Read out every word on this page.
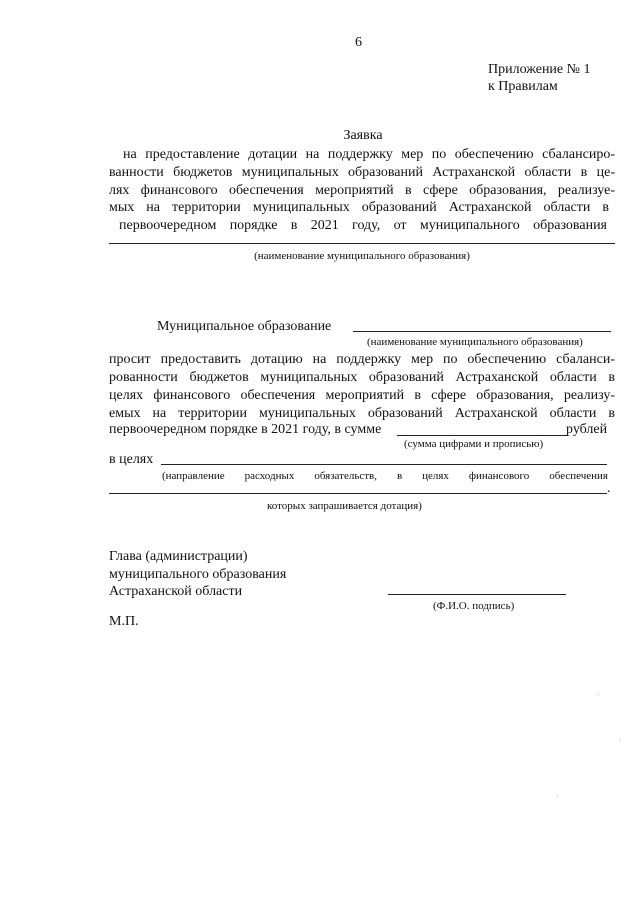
6
Приложение № 1
к Правилам
Заявка
на предоставление дотации на поддержку мер по обеспечению сбалансиро-
ванности бюджетов муниципальных образований Астраханской области в це-
лях финансового обеспечения мероприятий в сфере образования, реализуе-
мых на территории муниципальных образований Астраханской области в
первоочередном порядке в 2021 году, от муниципального образования
(наименование муниципального образования)
Муниципальное образование
(наименование муниципального образования)
просит предоставить дотацию на поддержку мер по обеспечению сбаланси-
рованности бюджетов муниципальных образований Астраханской области в
целях финансового обеспечения мероприятий в сфере образования, реализу-
емых на территории муниципальных образований Астраханской области в
первоочередном порядке в 2021 году, в сумме	рублей
(сумма цифрами и прописью)
в целях
(направление расходных обязательств, в целях финансового обеспечения
.
которых запрашивается дотация)
Глава (администрации)
муниципального образования
Астраханской области
(Ф.И.О. подпись)
М.П.
